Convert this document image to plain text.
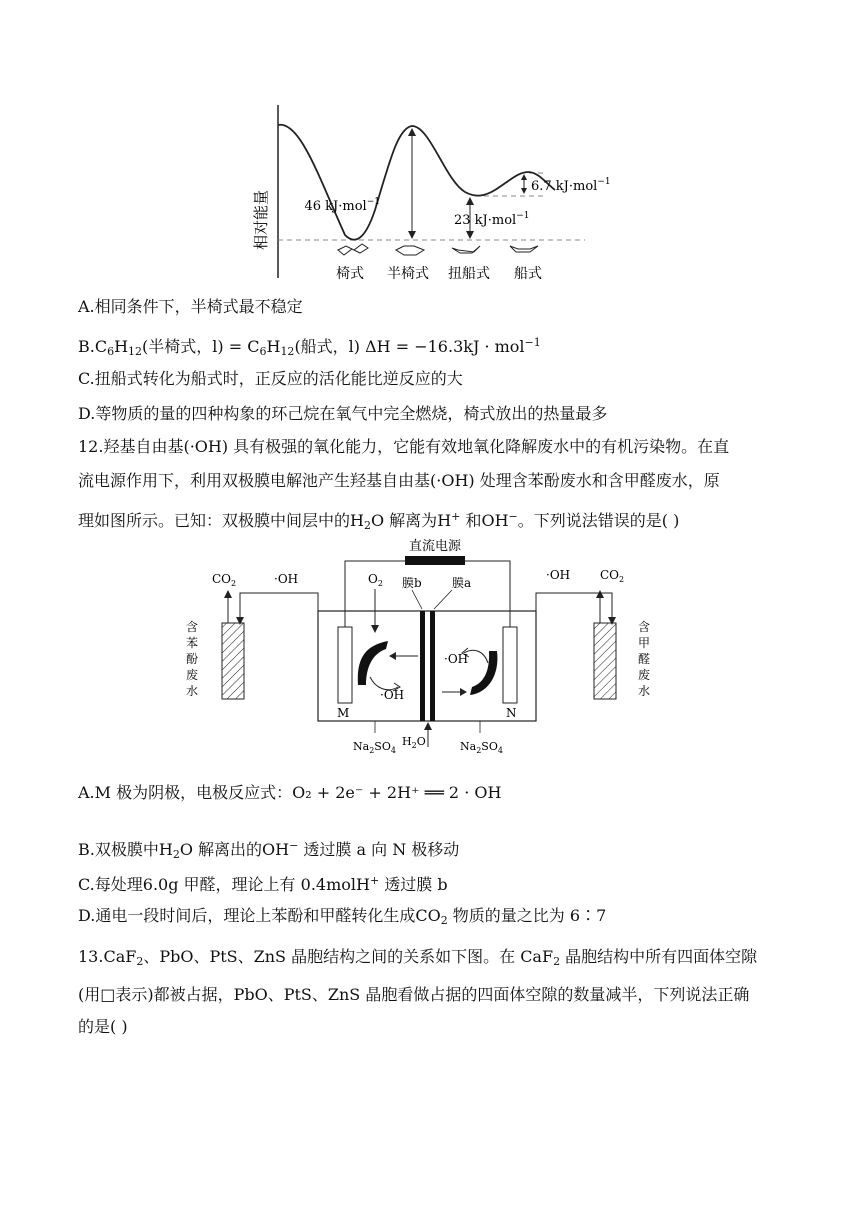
相对能量	46 kJ·mol$^{-1}$
23 kJ·mol$^{-1}$
6.7 kJ·mol$^{-1}$
椅式 半椅式 扭船式 船式
A.相同条件下，半椅式最不稳定
$B.C_6H_{12}$(半椅式，$l) = C_6H_{12}$(船式，l) ΔH = −16.3kJ · mol$^{-1}$
C.扭船式转化为船式时，正反应的活化能比逆反应的大
D.等物质的量的四种构象的环己烷在氧气中完全燃烧，椅式放出的热量最多
12.羟基自由基(·OH) 具有极强的氧化能力，它能有效地氧化降解废水中的有机污染物。在直
流电源作用下，利用双极膜电解池产生羟基自由基(·OH) 处理含苯酚废水和含甲醛废水，原
理如图所示。已知：双极膜中间层中的$H_2O$ 解离为H+ 和OH−。下列说法错误的是( )
直流电源
膜b	膜a
$O_2$
·OH
·OH
M	N
$Na_2SO_4$
$H_2O$	$Na_2SO_4$
$CO_2$	·OH	·OH $CO_2$
含
苯
酚
废
水
含
甲
醛
废
水
A.M 极为阴极，电极反应式：O₂ + 2e⁻ + 2H⁺ ══ 2 · OH
B.双极膜中$H_2O$ 解离出的OH− 透过膜 a 向 N 极移动
C.每处理6.0g 甲醛，理论上有 0.4molH+ 透过膜 b
D.通电一段时间后，理论上苯酚和甲醛转化生成$CO_2$ 物质的量之比为 6∶7
13.CaF$_2$、PbO、PtS、ZnS 晶胞结构之间的关系如下图。在 CaF$_2$ 晶胞结构中所有四面体空隙
(用□表示)都被占据，PbO、PtS、ZnS 晶胞看做占据的四面体空隙的数量减半，下列说法正确
的是( )
